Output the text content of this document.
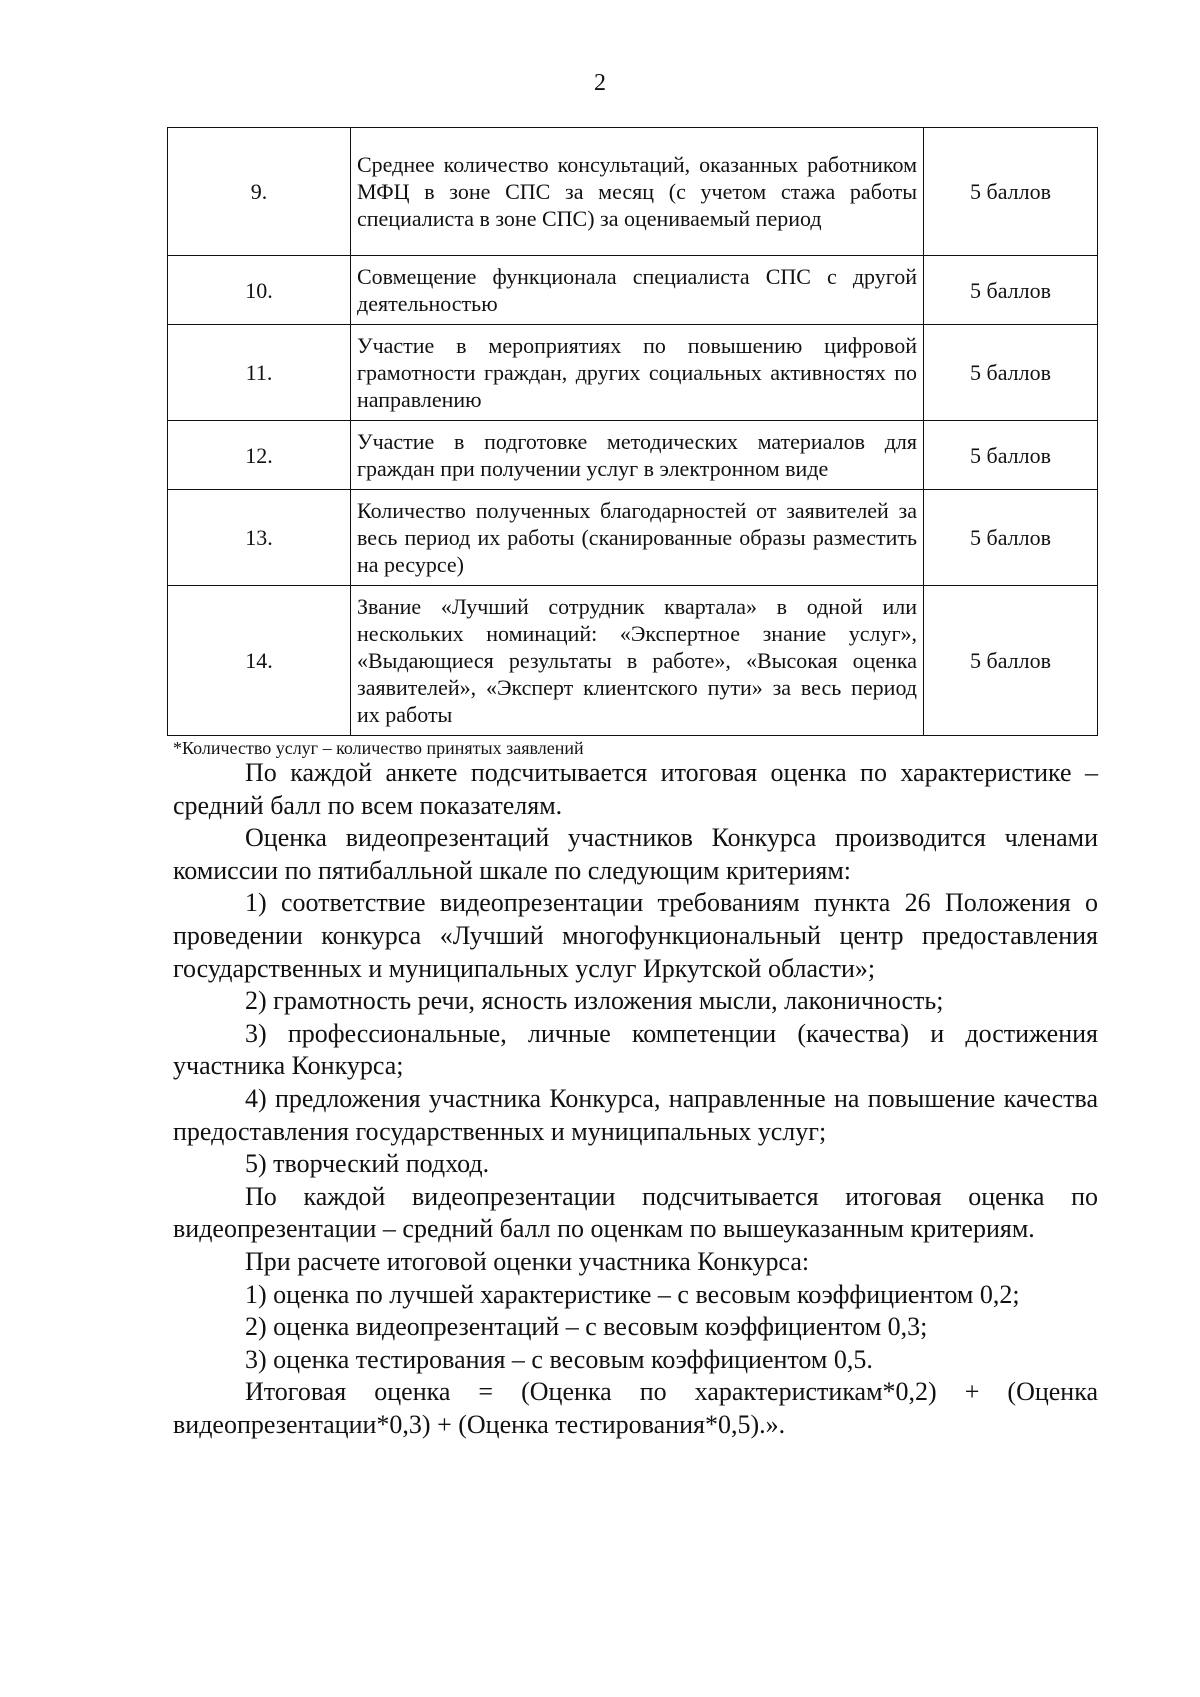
2
9.	Среднее количество консультаций, оказанных работником МФЦ в зоне СПС за месяц (с учетом стажа работы специалиста в зоне СПС) за оцениваемый период	5 баллов
10.	Совмещение функционала специалиста СПС с другой деятельностью	5 баллов
11.	Участие в мероприятиях по повышению цифровой грамотности граждан, других социальных активностях по направлению	5 баллов
12.	Участие в подготовке методических материалов для граждан при получении услуг в электронном виде	5 баллов
13.	Количество полученных благодарностей от заявителей за весь период их работы (сканированные образы разместить на ресурсе)	5 баллов
14.	Звание «Лучший сотрудник квартала» в одной или нескольких номинаций: «Экспертное знание услуг», «Выдающиеся результаты в работе», «Высокая оценка заявителей», «Эксперт клиентского пути» за весь период их работы	5 баллов
*Количество услуг – количество принятых заявлений

По каждой анкете подсчитывается итоговая оценка по характеристике – средний балл по всем показателям.

Оценка видеопрезентаций участников Конкурса производится членами комиссии по пятибалльной шкале по следующим критериям:

1) соответствие видеопрезентации требованиям пункта 26 Положения о проведении конкурса «Лучший многофункциональный центр предоставления государственных и муниципальных услуг Иркутской области»;

2) грамотность речи, ясность изложения мысли, лаконичность;

3) профессиональные, личные компетенции (качества) и достижения участника Конкурса;

4) предложения участника Конкурса, направленные на повышение качества предоставления государственных и муниципальных услуг;

5) творческий подход.

По каждой видеопрезентации подсчитывается итоговая оценка по видеопрезентации – средний балл по оценкам по вышеуказанным критериям.

При расчете итоговой оценки участника Конкурса:

1) оценка по лучшей характеристике – с весовым коэффициентом 0,2;

2) оценка видеопрезентаций – с весовым коэффициентом 0,3;

3) оценка тестирования – с весовым коэффициентом 0,5.

Итоговая оценка = (Оценка по характеристикам*0,2) + (Оценка видеопрезентации*0,3) + (Оценка тестирования*0,5).».
